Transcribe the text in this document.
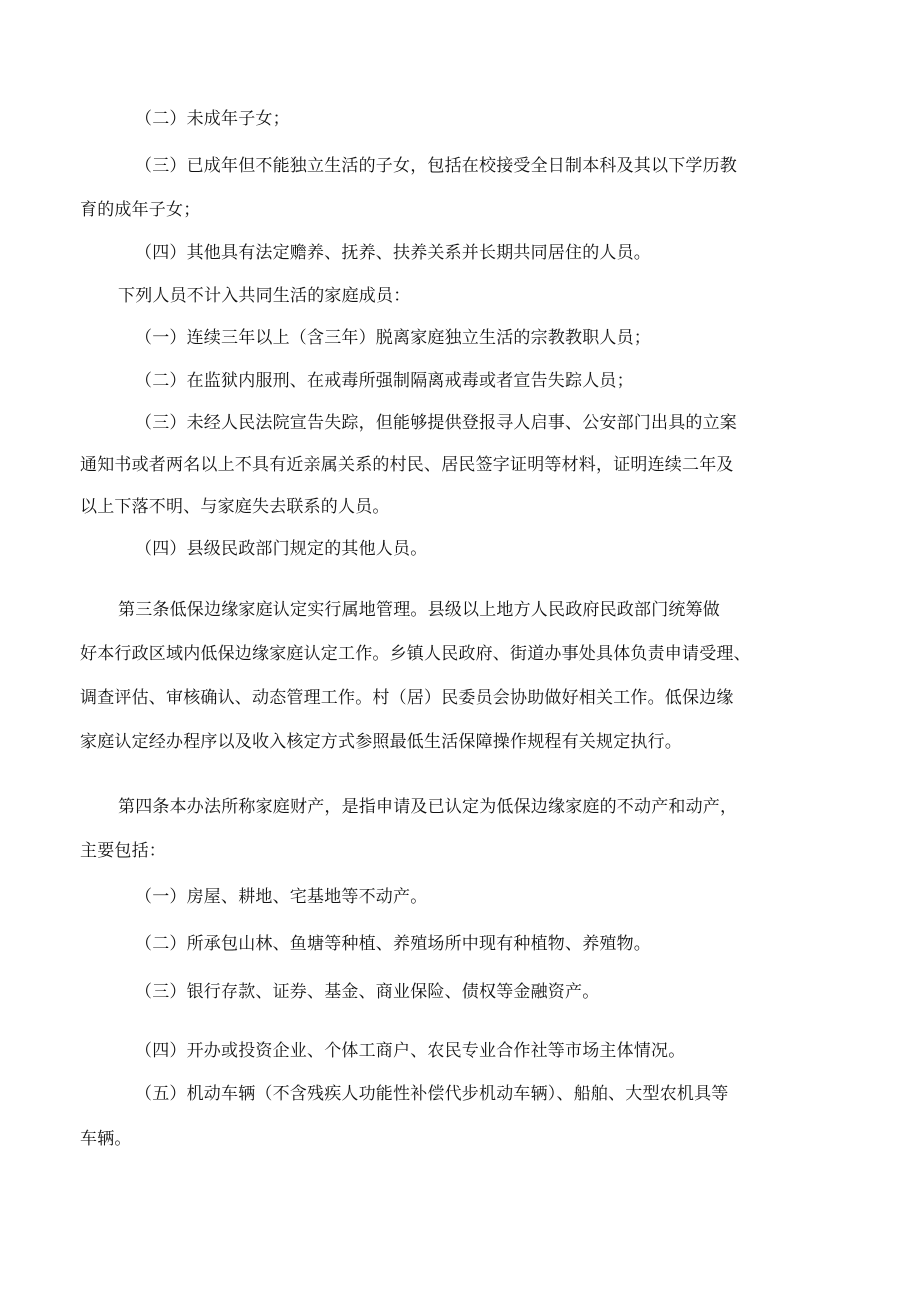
（二）未成年子女；
（三）已成年但不能独立生活的子女，包括在校接受全日制本科及其以下学历教
育的成年子女；
（四）其他具有法定赡养、抚养、扶养关系并长期共同居住的人员。
下列人员不计入共同生活的家庭成员：
（一）连续三年以上（含三年）脱离家庭独立生活的宗教教职人员；
（二）在监狱内服刑、在戒毒所强制隔离戒毒或者宣告失踪人员；
（三）未经人民法院宣告失踪，但能够提供登报寻人启事、公安部门出具的立案
通知书或者两名以上不具有近亲属关系的村民、居民签字证明等材料，证明连续二年及
以上下落不明、与家庭失去联系的人员。
（四）县级民政部门规定的其他人员。
第三条低保边缘家庭认定实行属地管理。县级以上地方人民政府民政部门统筹做
好本行政区域内低保边缘家庭认定工作。乡镇人民政府、街道办事处具体负责申请受理、
调查评估、审核确认、动态管理工作。村（居）民委员会协助做好相关工作。低保边缘
家庭认定经办程序以及收入核定方式参照最低生活保障操作规程有关规定执行。
第四条本办法所称家庭财产，是指申请及已认定为低保边缘家庭的不动产和动产，
主要包括：
（一）房屋、耕地、宅基地等不动产。
（二）所承包山林、鱼塘等种植、养殖场所中现有种植物、养殖物。
（三）银行存款、证券、基金、商业保险、债权等金融资产。
（四）开办或投资企业、个体工商户、农民专业合作社等市场主体情况。
（五）机动车辆（不含残疾人功能性补偿代步机动车辆）、船舶、大型农机具等
车辆。
